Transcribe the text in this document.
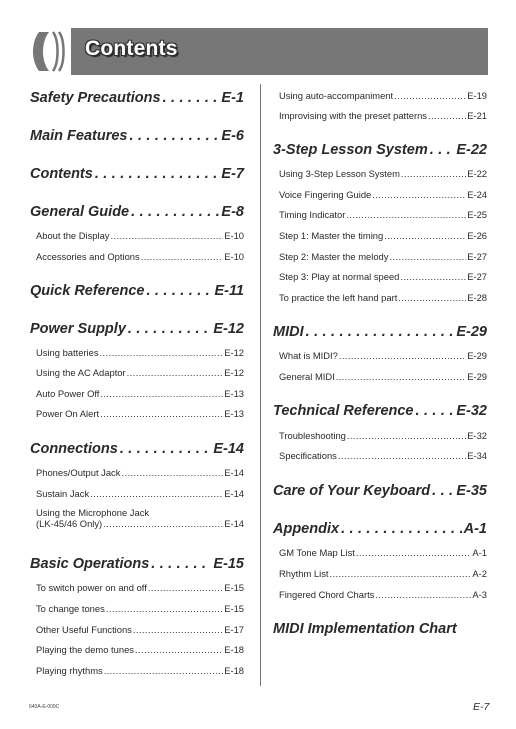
Contents
Safety Precautions . . .	E-1
Main Features . . .	E-6
Contents . . .	E-7
General Guide . . .	E-8
About the Display . . .	E-10
Accessories and Options . . .	E-10
Quick Reference . . .	E-11
Power Supply . . .	E-12
Using batteries . . .	E-12
Using the AC Adaptor . . .	E-12
Auto Power Off . . .	E-13
Power On Alert . . .	E-13
Connections . . .	E-14
Phones/Output Jack . . .	E-14
Sustain Jack . . .	E-14
Using the Microphone Jack
(LK-45/46 Only) . . .	E-14
Basic Operations . . .	E-15
To switch power on and off . . .	E-15
To change tones . . .	E-15
Other Useful Functions . . .	E-17
Playing the demo tunes . . .	E-18
Playing rhythms . . .	E-18
Using auto-accompaniment . . .	E-19
Improvising with the preset patterns . . .	E-21
3-Step Lesson System . . . E-22
Using 3-Step Lesson System . . .	E-22
Voice Fingering Guide . . .	E-24
Timing Indicator . . .	E-25
Step 1: Master the timing . . .	E-26
Step 2: Master the melody . . .	E-27
Step 3: Play at normal speed . . .	E-27
To practice the left hand part . . .	E-28
MIDI . . .	E-29
What is MIDI? . . .	E-29
General MIDI . . .	E-29
Technical Reference . . .	E-32
Troubleshooting . . .	E-32
Specifications . . .	E-34
Care of Your Keyboard . . . E-35
Appendix . . .	A-1
GM Tone Map List . . .	A-1
Rhythm List . . .	A-2
Fingered Chord Charts . . .	A-3
MIDI Implementation Chart
640A-E-009C	E-7
